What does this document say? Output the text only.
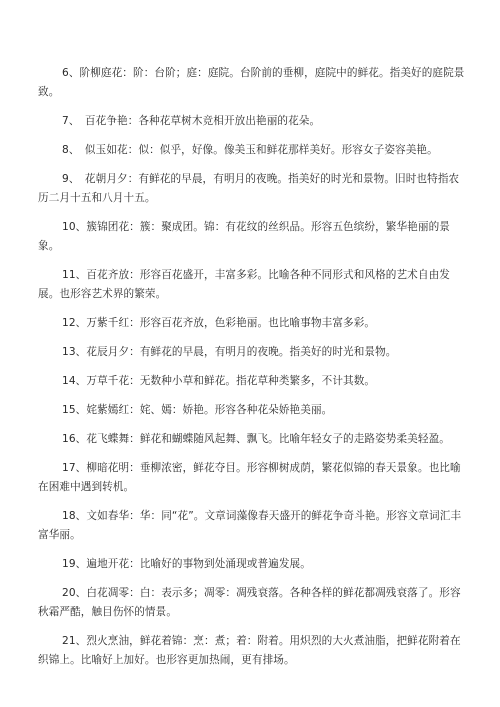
6、阶柳庭花：阶：台阶；庭：庭院。台阶前的垂柳，庭院中的鲜花。指美好的庭院景致。

7、　百花争艳：各种花草树木竞相开放出艳丽的花朵。

8、　似玉如花：似：似乎，好像。像美玉和鲜花那样美好。形容女子姿容美艳。

9、　花朝月夕：有鲜花的早晨，有明月的夜晚。指美好的时光和景物。旧时也特指农历二月十五和八月十五。

10、簇锦团花：簇：聚成团。锦：有花纹的丝织品。形容五色缤纷，繁华艳丽的景 象。

11、百花齐放：形容百花盛开，丰富多彩。比喻各种不同形式和风格的艺术自由发展。也形容艺术界的繁荣。

12、万紫千红：形容百花齐放，色彩艳丽。也比喻事物丰富多彩。

13、花辰月夕：有鲜花的早晨，有明月的夜晚。指美好的时光和景物。

14、万草千花：无数种小草和鲜花。指花草种类繁多，不计其数。

15、姹紫嫣红：姹、嫣：娇艳。形容各种花朵娇艳美丽。

16、花飞蝶舞：鲜花和蝴蝶随风起舞、飘飞。比喻年轻女子的走路姿势柔美轻盈。

17、柳暗花明：垂柳浓密，鲜花夺目。形容柳树成荫，繁花似锦的春天景象。也比喻在困难中遇到转机。

18、文如春华：华：同“花”。文章词藻像春天盛开的鲜花争奇斗艳。形容文章词汇丰富华丽。

19、遍地开花：比喻好的事物到处涌现或普遍发展。

20、白花凋零：白：表示多；凋零：凋残衰落。各种各样的鲜花都凋残衰落了。形容秋霜严酷，触目伤怀的情景。

21、烈火烹油，鲜花着锦：烹：煮；着：附着。用炽烈的大火煮油脂，把鲜花附着在织锦上。比喻好上加好。也形容更加热闹，更有排场。
